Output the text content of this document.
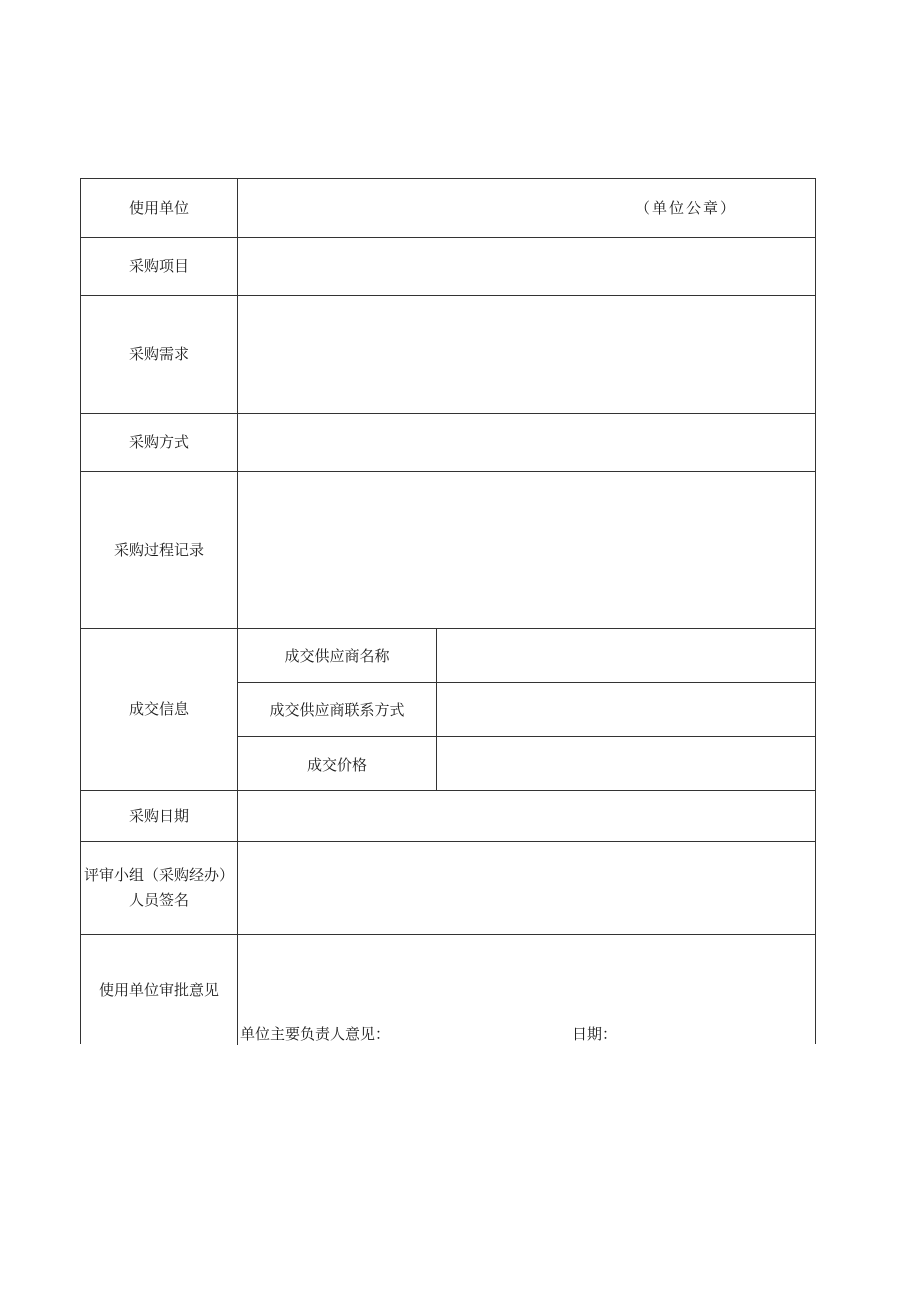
使用单位	（单位公章）
采购项目
采购需求
采购方式
采购过程记录
成交信息
成交供应商名称
成交供应商联系方式
成交价格
采购日期
评审小组（采购经办）
人员签名
使用单位审批意见
单位主要负责人意见：	日期：
